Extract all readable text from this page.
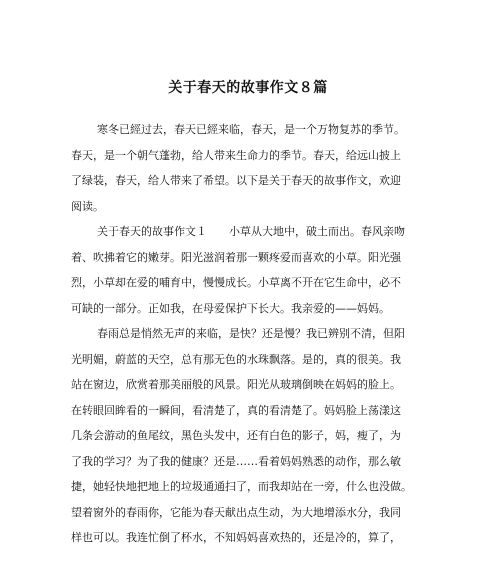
关于春天的故事作文８篇

寒冬已經过去，春天已經来临，春天，是一个万物复苏的季节。
春天，是一个朝气蓬勃，给人带来生命力的季节。春天，给远山披上
了绿装，春天，给人带来了希望。以下是关于春天的故事作文，欢迎
阅读。

关于春天的故事作文１　　小草从大地中，破土而出。春风亲吻
着、吹拂着它的嫩芽。阳光滋润着那一颗疼爱而喜欢的小草。阳光强
烈，小草却在爱的哺育中，慢慢成长。小草离不开在它生命中，必不
可缺的一部分。正如我，在母爱保护下长大。我亲爱的——妈妈。

春雨总是悄然无声的来临，是快？还是慢？我已辨别不清，但阳
光明媚，蔚蓝的天空，总有那无色的水珠飘落。是的，真的很美。我
站在窗边，欣赏着那美丽般的风景。阳光从玻璃倒映在妈妈的脸上。
在转眼回眸看的一瞬间，看清楚了，真的看清楚了。妈妈脸上荡漾这
几条会游动的鱼尾纹，黑色头发中，还有白色的影子，妈，瘦了，为
了我的学习？为了我的健康？还是……看着妈妈熟悉的动作，那么敏
捷，她轻快地把地上的垃圾通通扫了，而我却站在一旁，什么也没做。
望着窗外的春雨你，它能为春天献出点生动，为大地增添水分，我同
样也可以。我连忙倒了杯水，不知妈妈喜欢热的，还是冷的，算了，
